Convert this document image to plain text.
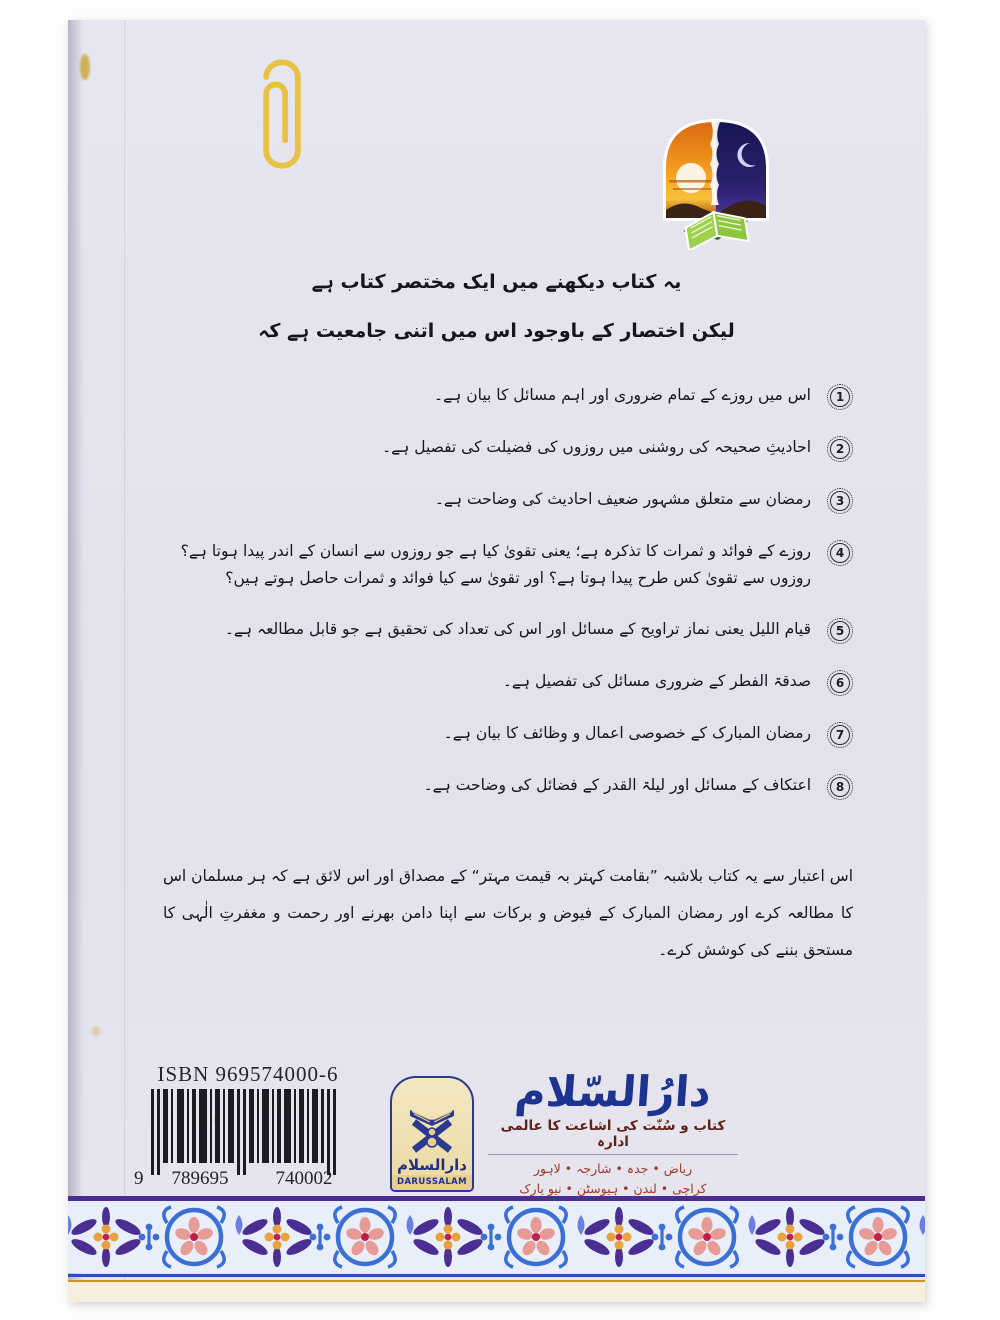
یہ کتاب دیکھنے میں ایک مختصر کتاب ہے
لیکن اختصار کے باوجود اس میں اتنی جامعیت ہے کہ
1
اس میں روزے کے تمام ضروری اور اہم مسائل کا بیان ہے۔
2
احادیثِ صحیحہ کی روشنی میں روزوں کی فضیلت کی تفصیل ہے۔
3
رمضان سے متعلق مشہور ضعیف احادیث کی وضاحت ہے۔
4
روزے کے فوائد و ثمرات کا تذکرہ ہے؛ یعنی تقویٰ کیا ہے جو روزوں سے انسان کے اندر پیدا ہوتا ہے؟ روزوں سے تقویٰ کس طرح پیدا ہوتا ہے؟ اور تقویٰ سے کیا فوائد و ثمرات حاصل ہوتے ہیں؟
5
قیام اللیل یعنی نماز تراویح کے مسائل اور اس کی تعداد کی تحقیق ہے جو قابل مطالعہ ہے۔
6
صدقۃ الفطر کے ضروری مسائل کی تفصیل ہے۔
7
رمضان المبارک کے خصوصی اعمال و وظائف کا بیان ہے۔
8
اعتکاف کے مسائل اور لیلۃ القدر کے فضائل کی وضاحت ہے۔
اس اعتبار سے یہ کتاب بلاشبہ ”بقامت کہتر بہ قیمت مہتر“ کے مصداق اور اس لائق ہے کہ ہر مسلمان اس کا مطالعہ کرے اور رمضان المبارک کے فیوض و برکات سے اپنا دامن بھرنے اور رحمت و مغفرتِ الٰہی کا مستحق بننے کی کوشش کرے۔
ISBN 969574000-6
9	789695	740002
دارالسلام
DARUSSALAM
دارُالسّلام
کتاب و سُنّت کی اشاعت کا عالمی ادارہ
ریاض • جدہ • شارجہ • لاہور
کراچی • لندن • ہیوسٹن • نیو یارک
